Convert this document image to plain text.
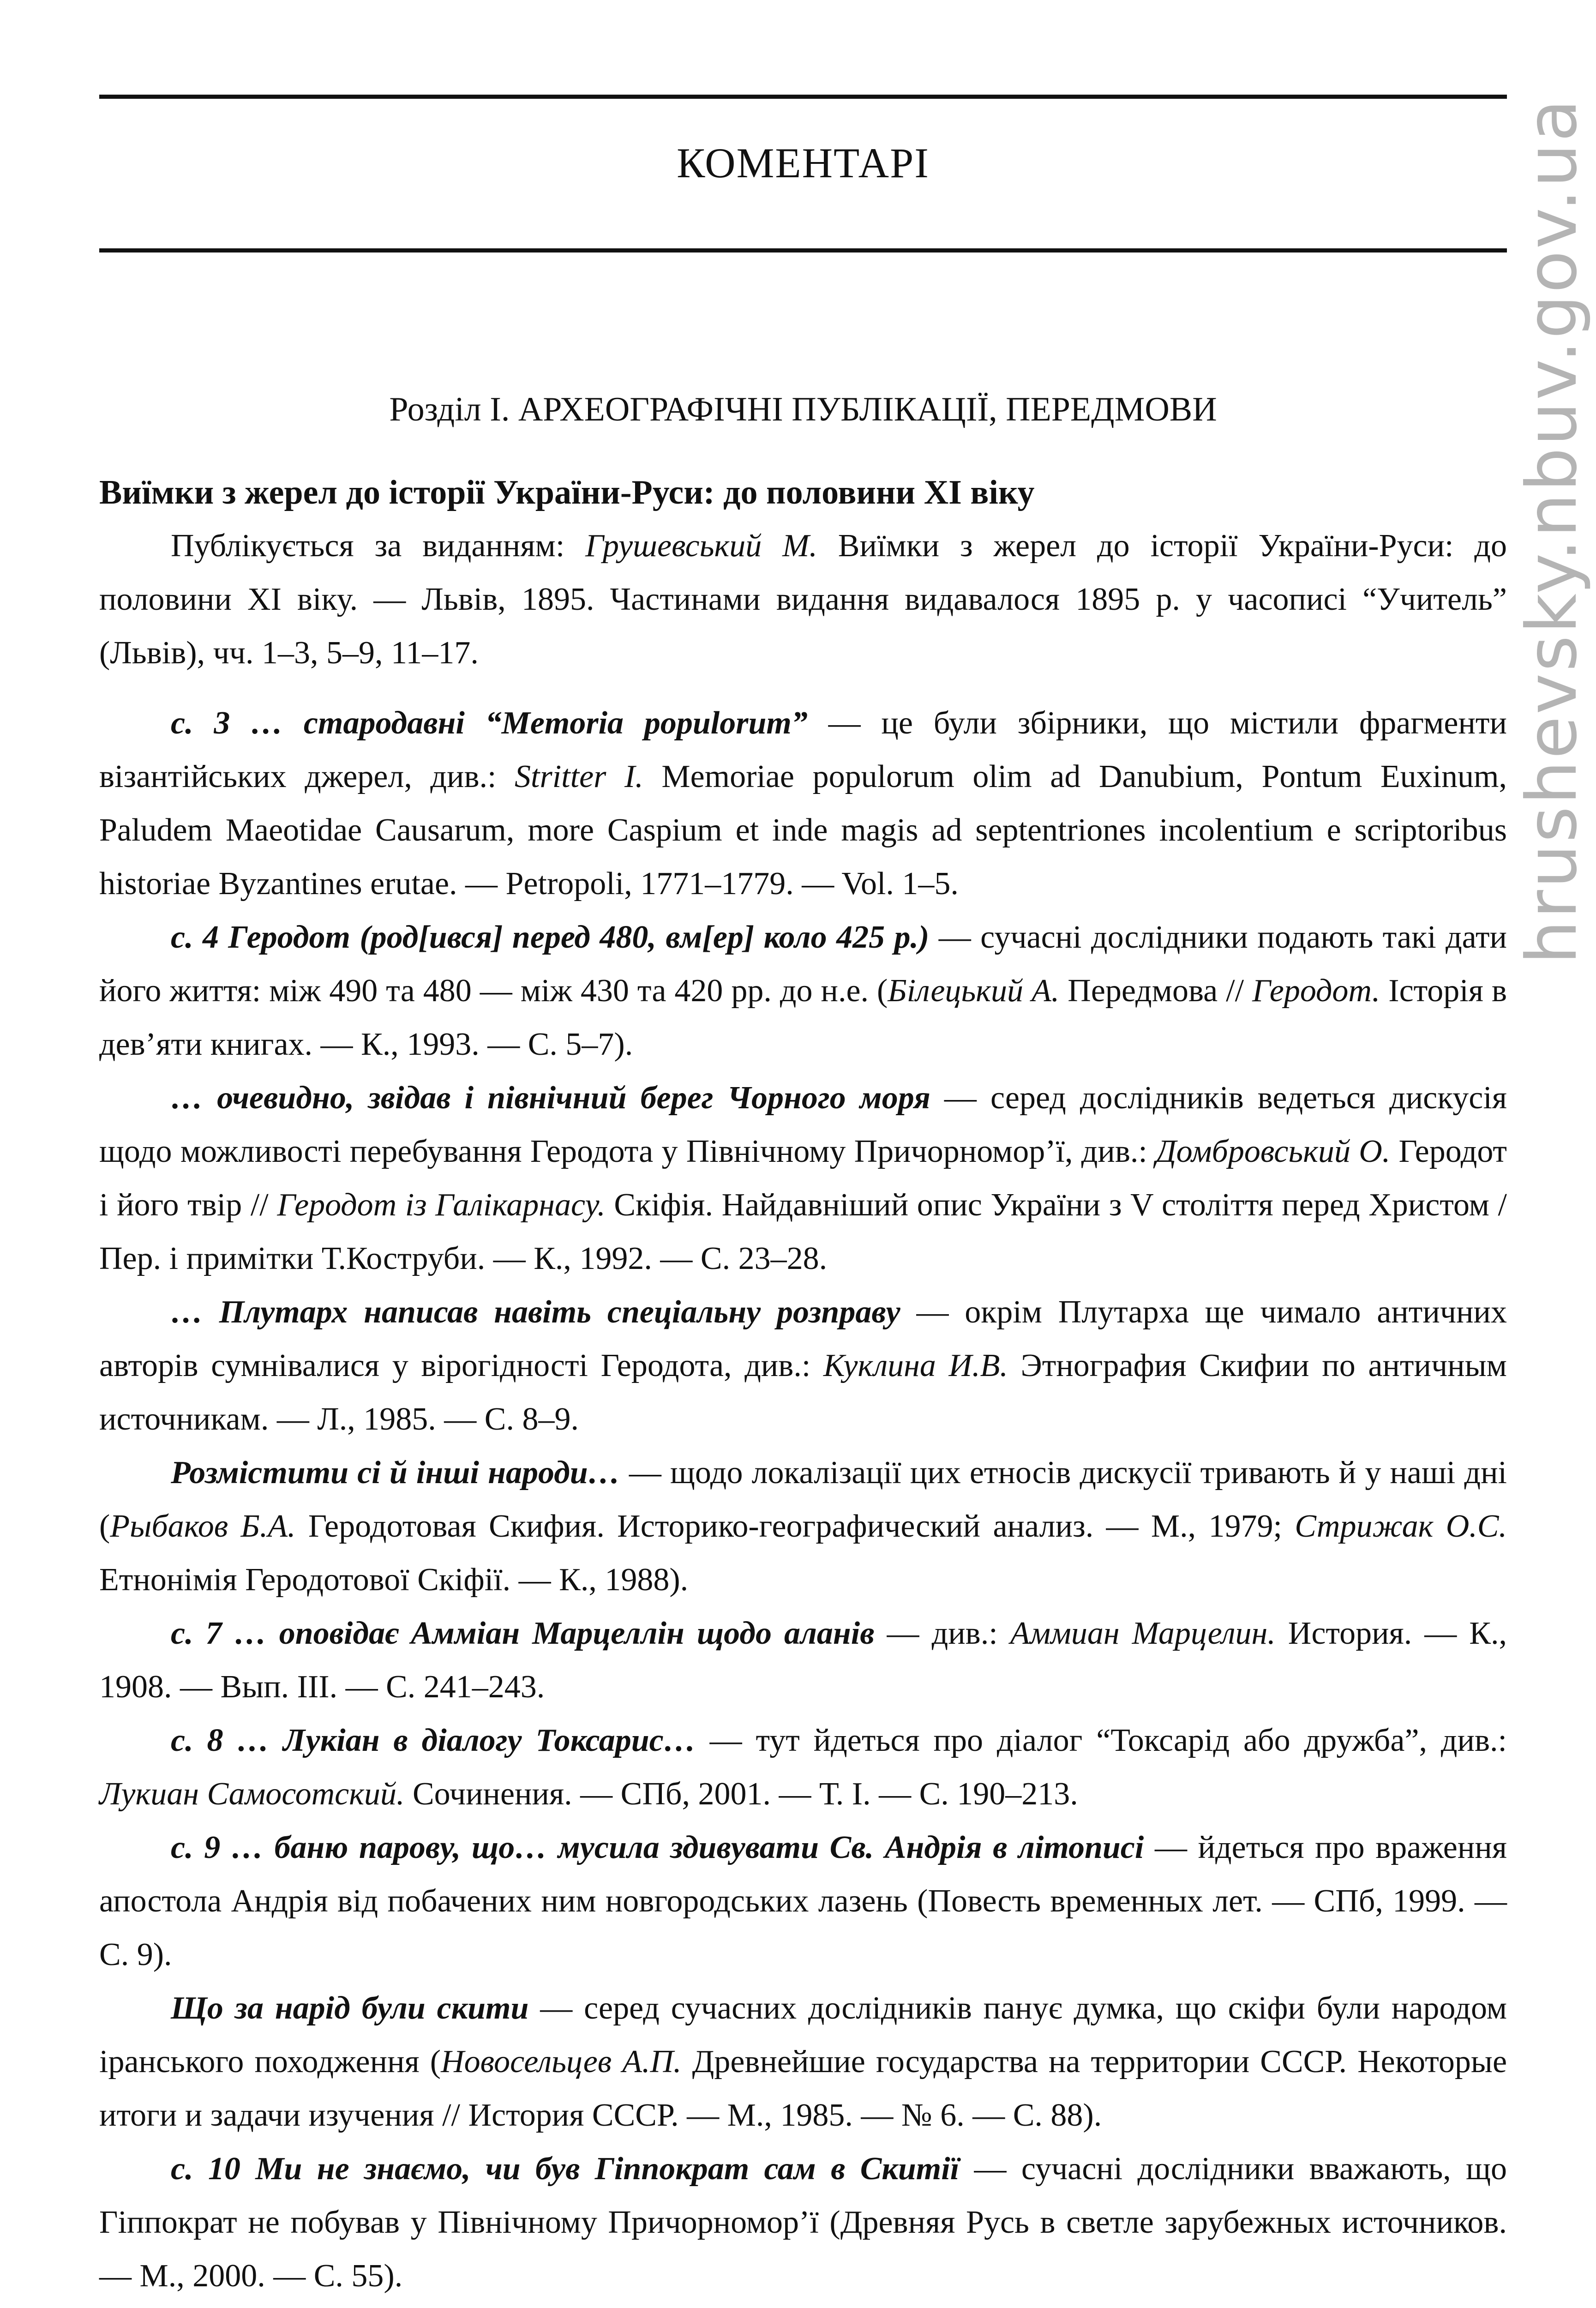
КОМЕНТАРІ
Розділ І. АРХЕОГРАФІЧНІ ПУБЛІКАЦІЇ, ПЕРЕДМОВИ
Виїмки з жерел до історії України-Руси: до половини XI віку

Публікується за виданням: Грушевський М. Виїмки з жерел до історії України-Руси: до половини XI віку. — Львів, 1895. Частинами видання видавалося 1895 р. у часописі “Учитель” (Львів), чч. 1–3, 5–9, 11–17.

с. 3 … стародавні “Memoria populorum” — це були збірники, що містили фрагменти візантійських джерел, див.: Stritter I. Memoriae populorum olim ad Danubium, Pontum Euxinum, Paludem Maeotidae Causarum, more Caspium et inde magis ad septentriones incolentium e scriptoribus historiae Byzantines erutae. — Petropoli, 1771–1779. — Vol. 1–5.

с. 4 Геродот (род[ився] перед 480, вм[ер] коло 425 р.) — сучасні дослідники подають такі дати його життя: між 490 та 480 — між 430 та 420 рр. до н.е. (Білецький А. Передмова // Геродот. Історія в дев’яти книгах. — К., 1993. — С. 5–7).

… очевидно, звідав і північний берег Чорного моря — серед дослідників ведеться дискусія щодо можливості перебування Геродота у Північному Причорномор’ї, див.: Домбровський О. Геродот і його твір // Геродот із Галікарнасу. Скіфія. Найдавніший опис України з V століття перед Христом / Пер. і примітки Т.Коструби. — К., 1992. — С. 23–28.

… Плутарх написав навіть спеціальну розправу — окрім Плутарха ще чимало античних авторів сумнівалися у вірогідності Геродота, див.: Куклина И.В. Этнография Скифии по античным источникам. — Л., 1985. — С. 8–9.

Розмістити сі й інші народи… — щодо локалізації цих етносів дискусії тривають й у наші дні (Рыбаков Б.А. Геродотовая Скифия. Историко-географический анализ. — М., 1979; Стрижак О.С. Етнонімія Геродотової Скіфії. — К., 1988).

с. 7 … оповідає Амміан Марцеллін щодо аланів — див.: Аммиан Марцелин. История. — К., 1908. — Вып. III. — С. 241–243.

с. 8 … Лукіан в діалогу Токсарис… — тут йдеться про діалог “Токсарід або дружба”, див.: Лукиан Самосотский. Сочинения. — СПб, 2001. — Т. I. — С. 190–213.

с. 9 … баню парову, що… мусила здивувати Св. Андрія в літописі — йдеться про враження апостола Андрія від побачених ним новгородських лазень (Повесть временных лет. — СПб, 1999. — С. 9).

Що за нарід були скити — серед сучасних дослідників панує думка, що скіфи були народом іранського походження (Новосельцев А.П. Древнейшие государства на территории СССР. Некоторые итоги и задачи изучения // История СССР. — М., 1985. — № 6. — С. 88).

с. 10 Ми не знаємо, чи був Гіппократ сам в Скитії — сучасні дослідники вважають, що Гіппократ не побував у Північному Причорномор’ї (Древняя Русь в светле зарубежных источников. — М., 2000. — С. 55).

hrushevsky.nbuv.gov.ua
